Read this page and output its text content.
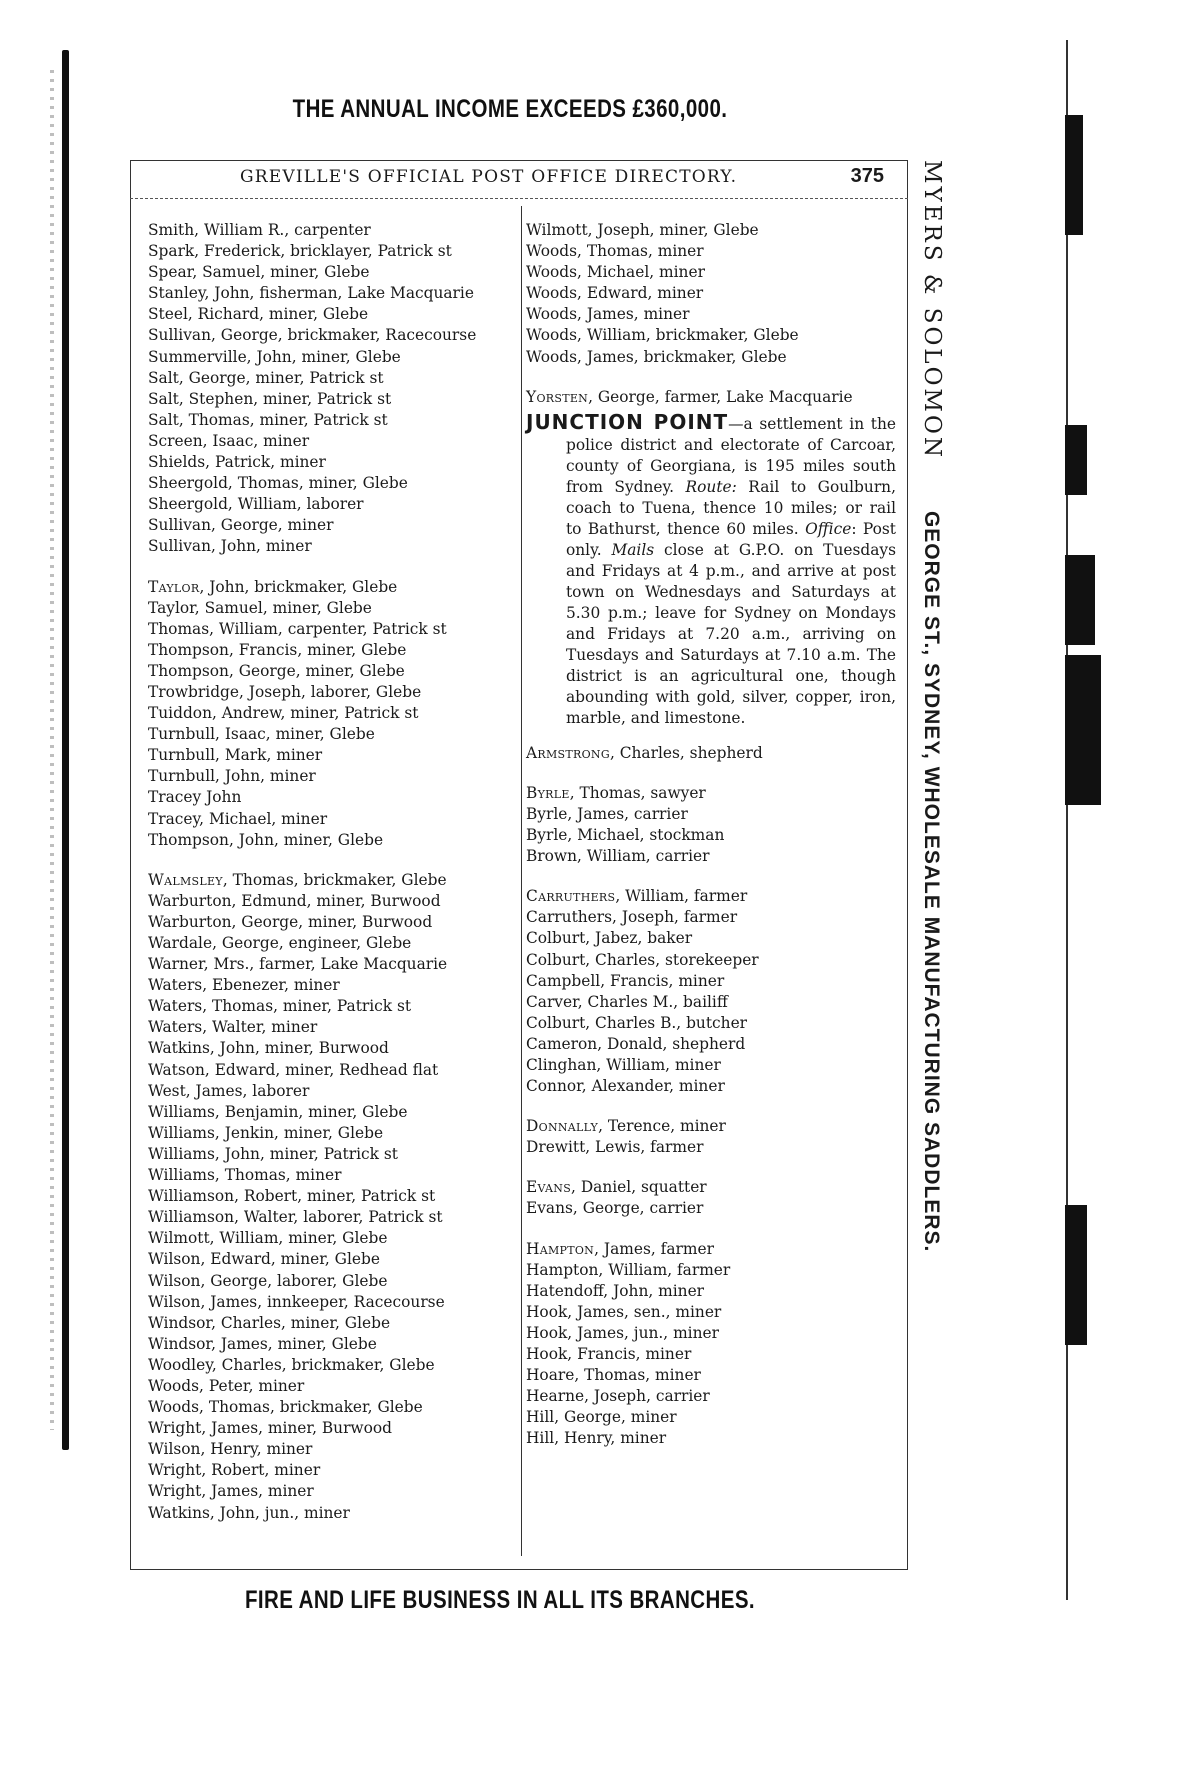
THE ANNUAL INCOME EXCEEDS £360,000.
GREVILLE'S OFFICIAL POST OFFICE DIRECTORY.	375
Smith, William R., carpenter
Spark, Frederick, bricklayer, Patrick st
Spear, Samuel, miner, Glebe
Stanley, John, fisherman, Lake Macquarie
Steel, Richard, miner, Glebe
Sullivan, George, brickmaker, Racecourse
Summerville, John, miner, Glebe
Salt, George, miner, Patrick st
Salt, Stephen, miner, Patrick st
Salt, Thomas, miner, Patrick st
Screen, Isaac, miner
Shields, Patrick, miner
Sheergold, Thomas, miner, Glebe
Sheergold, William, laborer
Sullivan, George, miner
Sullivan, John, miner
Taylor, John, brickmaker, Glebe
Taylor, Samuel, miner, Glebe
Thomas, William, carpenter, Patrick st
Thompson, Francis, miner, Glebe
Thompson, George, miner, Glebe
Trowbridge, Joseph, laborer, Glebe
Tuiddon, Andrew, miner, Patrick st
Turnbull, Isaac, miner, Glebe
Turnbull, Mark, miner
Turnbull, John, miner
Tracey John
Tracey, Michael, miner
Thompson, John, miner, Glebe
Walmsley, Thomas, brickmaker, Glebe
Warburton, Edmund, miner, Burwood
Warburton, George, miner, Burwood
Wardale, George, engineer, Glebe
Warner, Mrs., farmer, Lake Macquarie
Waters, Ebenezer, miner
Waters, Thomas, miner, Patrick st
Waters, Walter, miner
Watkins, John, miner, Burwood
Watson, Edward, miner, Redhead flat
West, James, laborer
Williams, Benjamin, miner, Glebe
Williams, Jenkin, miner, Glebe
Williams, John, miner, Patrick st
Williams, Thomas, miner
Williamson, Robert, miner, Patrick st
Williamson, Walter, laborer, Patrick st
Wilmott, William, miner, Glebe
Wilson, Edward, miner, Glebe
Wilson, George, laborer, Glebe
Wilson, James, innkeeper, Racecourse
Windsor, Charles, miner, Glebe
Windsor, James, miner, Glebe
Woodley, Charles, brickmaker, Glebe
Woods, Peter, miner
Woods, Thomas, brickmaker, Glebe
Wright, James, miner, Burwood
Wilson, Henry, miner
Wright, Robert, miner
Wright, James, miner
Watkins, John, jun., miner
Wilmott, Joseph, miner, Glebe
Woods, Thomas, miner
Woods, Michael, miner
Woods, Edward, miner
Woods, James, miner
Woods, William, brickmaker, Glebe
Woods, James, brickmaker, Glebe
Yorsten, George, farmer, Lake Macquarie
JUNCTION POINT—a settlement in the police district and electorate of Carcoar, county of Georgiana, is 195 miles south from Sydney. Route: Rail to Goulburn, coach to Tuena, thence 10 miles; or rail to Bathurst, thence 60 miles. Office: Post only. Mails close at G.P.O. on Tuesdays and Fridays at 4 p.m., and arrive at post town on Wednesdays and Saturdays at 5.30 p.m.; leave for Sydney on Mondays and Fridays at 7.20 a.m., arriving on Tuesdays and Saturdays at 7.10 a.m. The district is an agricultural one, though abounding with gold, silver, copper, iron, marble, and limestone.
Armstrong, Charles, shepherd
Byrle, Thomas, sawyer
Byrle, James, carrier
Byrle, Michael, stockman
Brown, William, carrier
Carruthers, William, farmer
Carruthers, Joseph, farmer
Colburt, Jabez, baker
Colburt, Charles, storekeeper
Campbell, Francis, miner
Carver, Charles M., bailiff
Colburt, Charles B., butcher
Cameron, Donald, shepherd
Clinghan, William, miner
Connor, Alexander, miner
Donnally, Terence, miner
Drewitt, Lewis, farmer
Evans, Daniel, squatter
Evans, George, carrier
Hampton, James, farmer
Hampton, William, farmer
Hatendoff, John, miner
Hook, James, sen., miner
Hook, James, jun., miner
Hook, Francis, miner
Hoare, Thomas, miner
Hearne, Joseph, carrier
Hill, George, miner
Hill, Henry, miner
MYERS & SOLOMON  GEORGE ST., SYDNEY, WHOLESALE MANUFACTURING SADDLERS.
FIRE AND LIFE BUSINESS IN ALL ITS BRANCHES.
